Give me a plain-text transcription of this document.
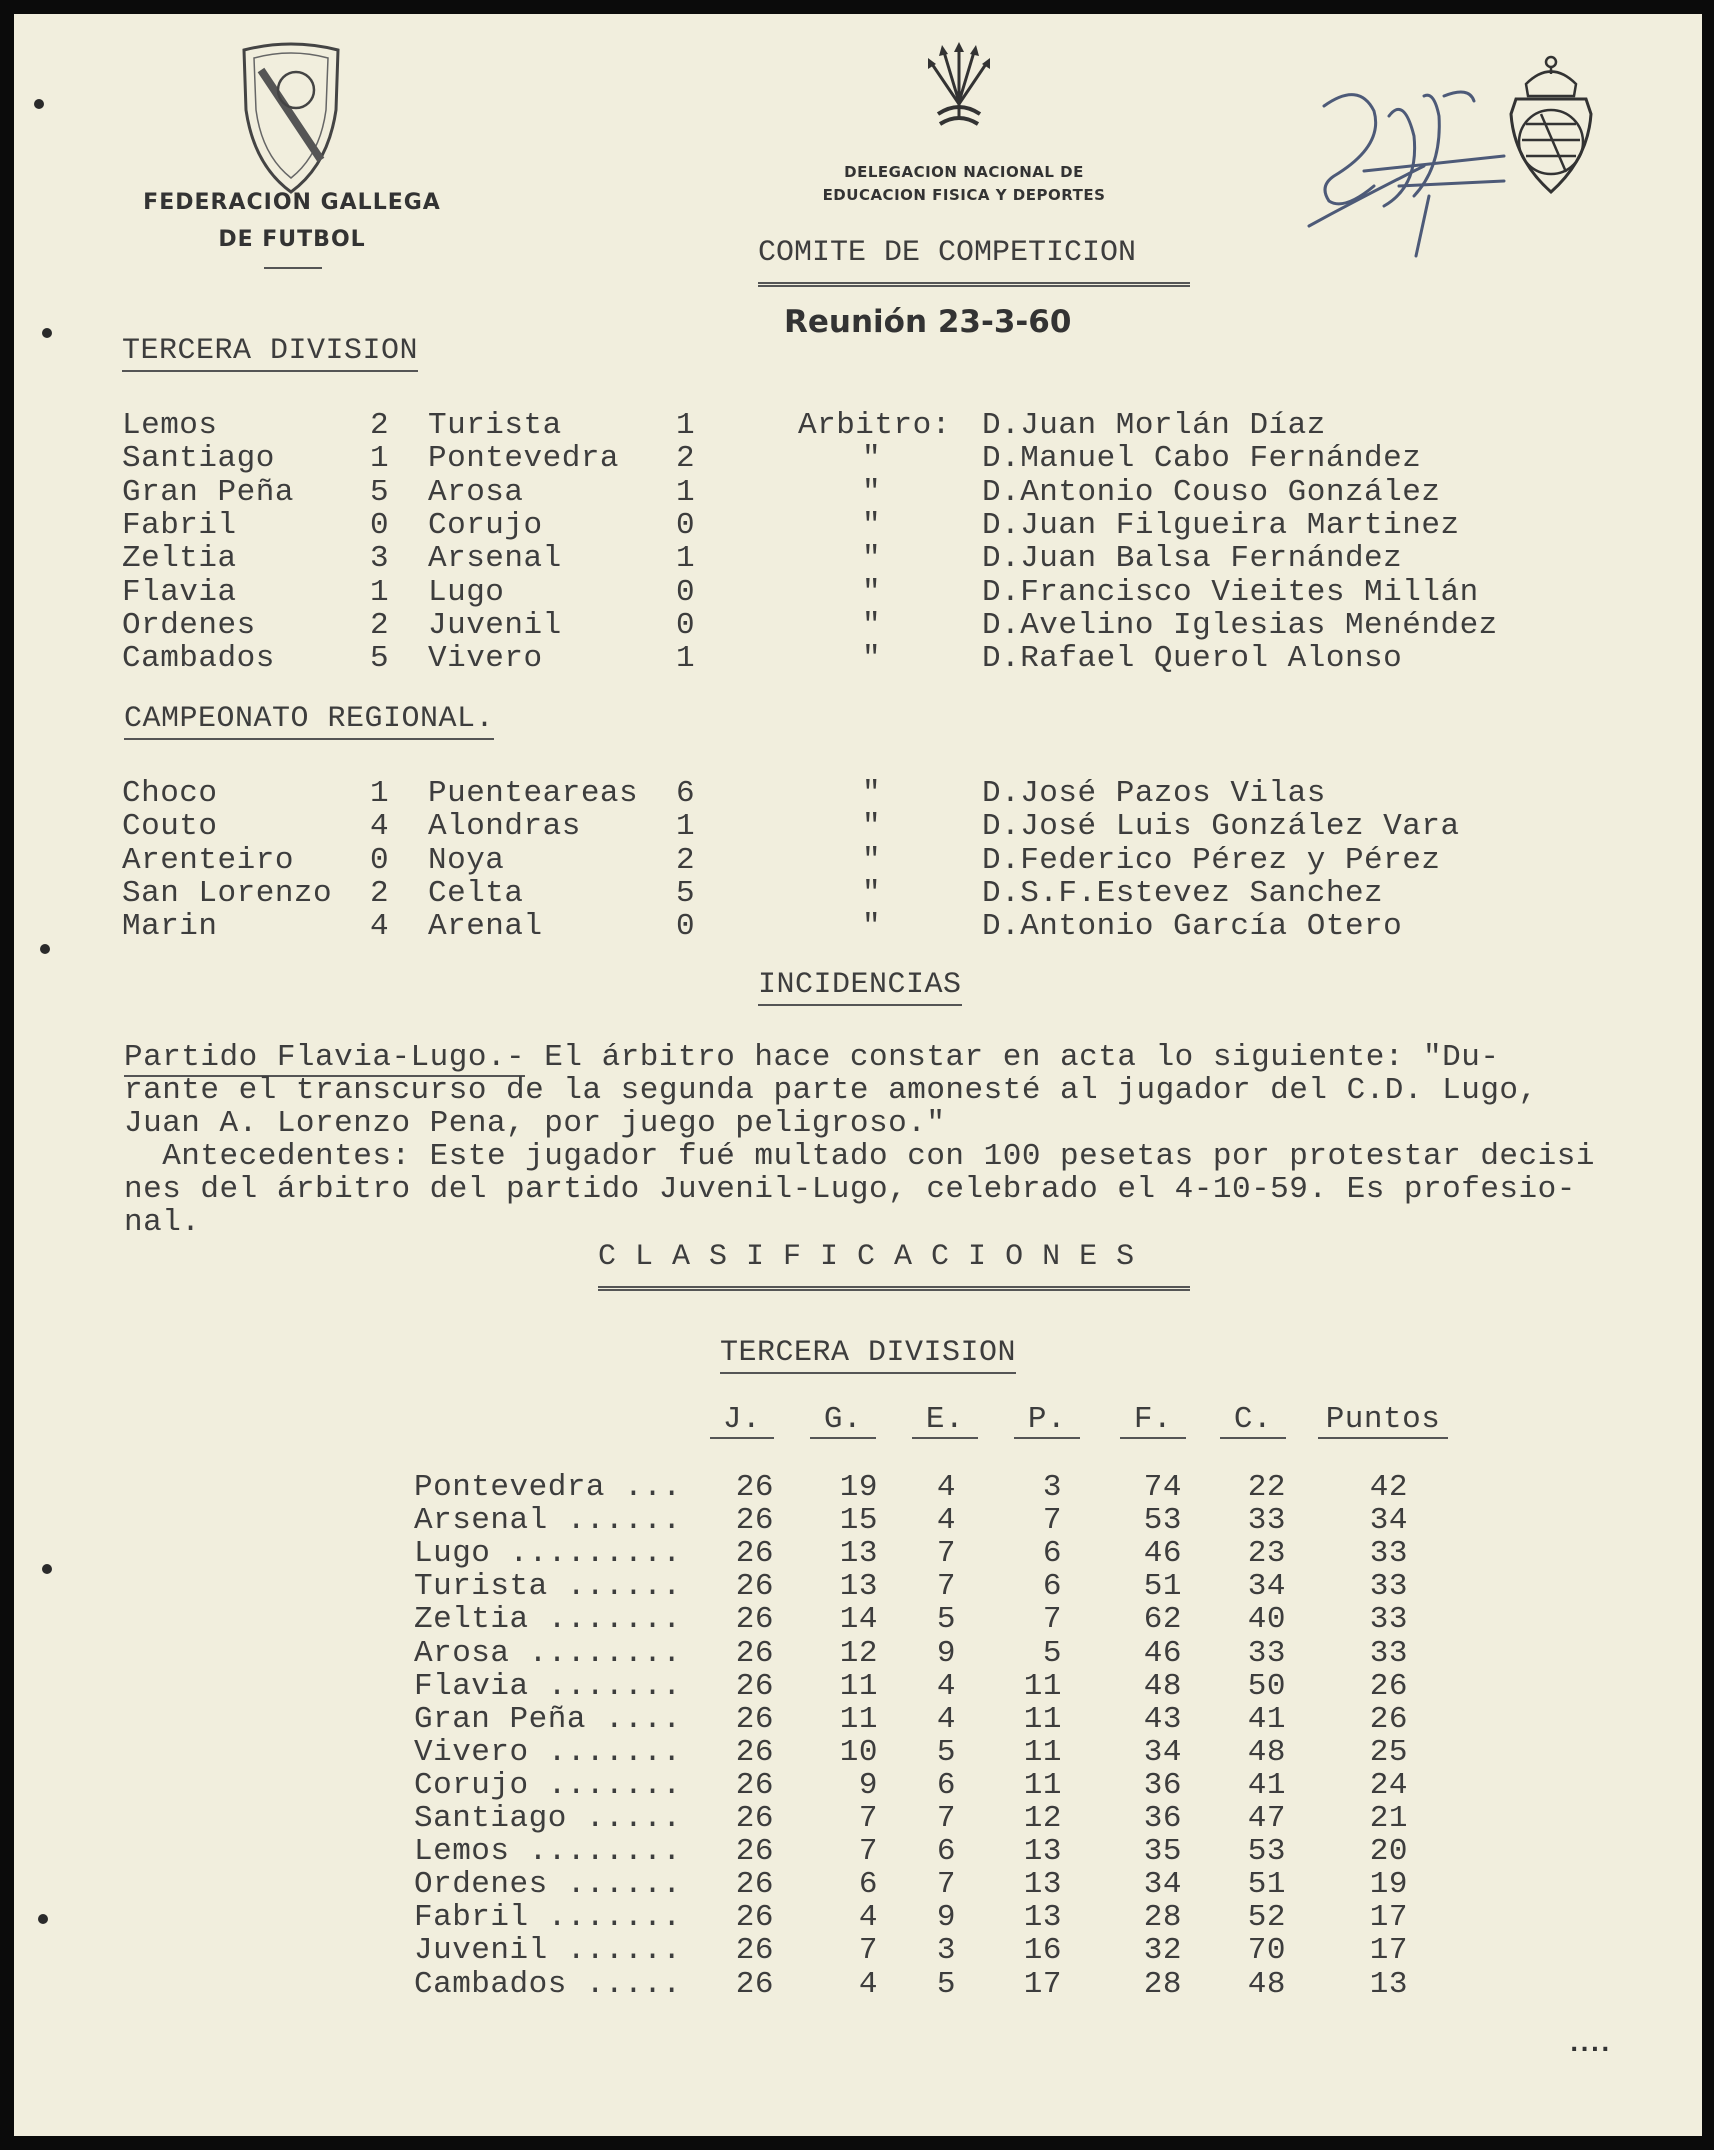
FEDERACION GALLEGA
DE FUTBOL
DELEGACION NACIONAL DE
EDUCACION FISICA Y DEPORTES
COMITE DE COMPETICION
Reunión 23-3-60
TERCERA DIVISION
Lemos	2 Turista	1	Arbitro: D.Juan Morlán Díaz
Santiago	1 Pontevedra 2	"	D.Manuel Cabo Fernández
Gran Peña 5 Arosa	1	"	D.Antonio Couso González
Fabril	0 Corujo	0	"	D.Juan Filgueira Martinez
Zeltia	3 Arsenal	1	"	D.Juan Balsa Fernández
Flavia	1 Lugo	0	"	D.Francisco Vieites Millán
Ordenes	2 Juvenil	0	"	D.Avelino Iglesias Menéndez
Cambados	5 Vivero	1	"	D.Rafael Querol Alonso
CAMPEONATO REGIONAL.
Choco	1 Puenteareas 6	"	D.José Pazos Vilas
Couto	4 Alondras	1	"	D.José Luis González Vara
Arenteiro 0 Noya	2	"	D.Federico Pérez y Pérez
San Lorenzo 2 Celta	5	"	D.S.F.Estevez Sanchez
Marin	4 Arenal	0	"	D.Antonio García Otero
INCIDENCIAS
Partido Flavia-Lugo.- El árbitro hace constar en acta lo siguiente: "Du-
rante el transcurso de la segunda parte amonesté al jugador del C.D. Lugo,
Juan A. Lorenzo Pena, por juego peligroso."
Antecedentes: Este jugador fué multado con 100 pesetas por protestar decisi
nes del árbitro del partido Juvenil-Lugo, celebrado el 4-10-59. Es profesio-
nal.
C L A S I F I C A C I O N E S
TERCERA DIVISION
J.	G.	E.	P.	F.	C.	Puntos
Pontevedra ...	26	19	4	3	74	22	42
Arsenal ......	26	15	4	7	53	33	34
Lugo .........	26	13	7	6	46	23	33
Turista ......	26	13	7	6	51	34	33
Zeltia .......	26	14	5	7	62	40	33
Arosa ........	26	12	9	5	46	33	33
Flavia .......	26	11	4	11	48	50	26
Gran Peña ....	26	11	4	11	43	41	26
Vivero .......	26	10	5	11	34	48	25
Corujo .......	26	9	6	11	36	41	24
Santiago .....	26	7	7	12	36	47	21
Lemos ........	26	7	6	13	35	53	20
Ordenes ......	26	6	7	13	34	51	19
Fabril .......	26	4	9	13	28	52	17
Juvenil ......	26	7	3	16	32	70	17
Cambados .....	26	4	5	17	28	48	13
....
